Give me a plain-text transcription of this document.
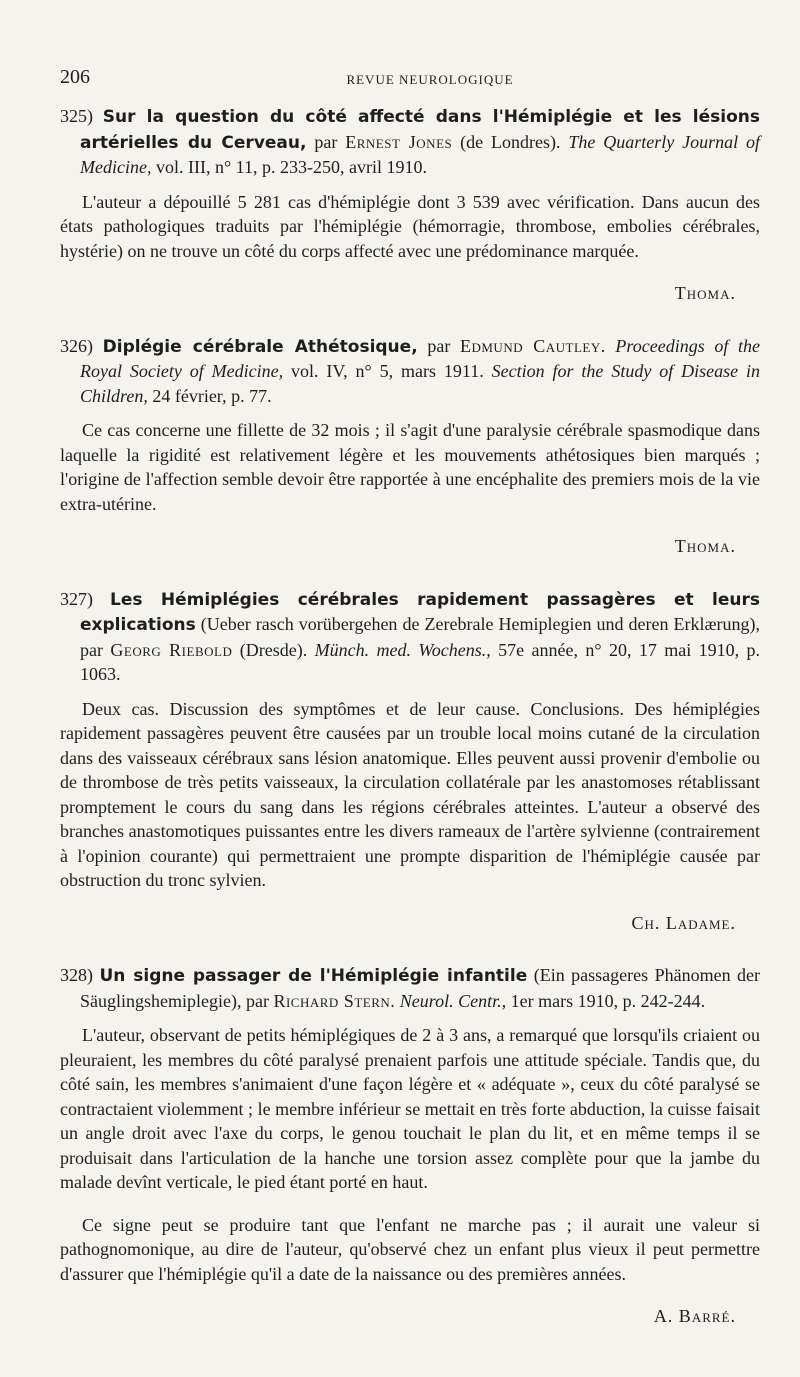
206	REVUE NEUROLOGIQUE
325) Sur la question du côté affecté dans l'Hémiplégie et les lésions artérielles du Cerveau, par Ernest Jones (de Londres). The Quarterly Journal of Medicine, vol. III, n° 11, p. 233-250, avril 1910.

L'auteur a dépouillé 5 281 cas d'hémiplégie dont 3 539 avec vérification. Dans aucun des états pathologiques traduits par l'hémiplégie (hémorragie, thrombose, embolies cérébrales, hystérie) on ne trouve un côté du corps affecté avec une prédominance marquée.

Thoma.
326) Diplégie cérébrale Athétosique, par Edmund Cautley. Proceedings of the Royal Society of Medicine, vol. IV, n° 5, mars 1911. Section for the Study of Disease in Children, 24 février, p. 77.

Ce cas concerne une fillette de 32 mois ; il s'agit d'une paralysie cérébrale spasmodique dans laquelle la rigidité est relativement légère et les mouvements athétosiques bien marqués ; l'origine de l'affection semble devoir être rapportée à une encéphalite des premiers mois de la vie extra-utérine.

Thoma.
327) Les Hémiplégies cérébrales rapidement passagères et leurs explications (Ueber rasch vorübergehen de Zerebrale Hemiplegien und deren Erklærung), par Georg Riebold (Dresde). Münch. med. Wochens., 57e année, n° 20, 17 mai 1910, p. 1063.

Deux cas. Discussion des symptômes et de leur cause. Conclusions. Des hémiplégies rapidement passagères peuvent être causées par un trouble local moins cutané de la circulation dans des vaisseaux cérébraux sans lésion anatomique. Elles peuvent aussi provenir d'embolie ou de thrombose de très petits vaisseaux, la circulation collatérale par les anastomoses rétablissant promptement le cours du sang dans les régions cérébrales atteintes. L'auteur a observé des branches anastomotiques puissantes entre les divers rameaux de l'artère sylvienne (contrairement à l'opinion courante) qui permettraient une prompte disparition de l'hémiplégie causée par obstruction du tronc sylvien.

Ch. Ladame.
328) Un signe passager de l'Hémiplégie infantile (Ein passageres Phänomen der Säuglingshemiplegie), par Richard Stern. Neurol. Centr., 1er mars 1910, p. 242-244.

L'auteur, observant de petits hémiplégiques de 2 à 3 ans, a remarqué que lorsqu'ils criaient ou pleuraient, les membres du côté paralysé prenaient parfois une attitude spéciale. Tandis que, du côté sain, les membres s'animaient d'une façon légère et « adéquate », ceux du côté paralysé se contractaient violemment ; le membre inférieur se mettait en très forte abduction, la cuisse faisait un angle droit avec l'axe du corps, le genou touchait le plan du lit, et en même temps il se produisait dans l'articulation de la hanche une torsion assez complète pour que la jambe du malade devînt verticale, le pied étant porté en haut.

Ce signe peut se produire tant que l'enfant ne marche pas ; il aurait une valeur si pathognomonique, au dire de l'auteur, qu'observé chez un enfant plus vieux il peut permettre d'assurer que l'hémiplégie qu'il a date de la naissance ou des premières années.

A. Barré.
